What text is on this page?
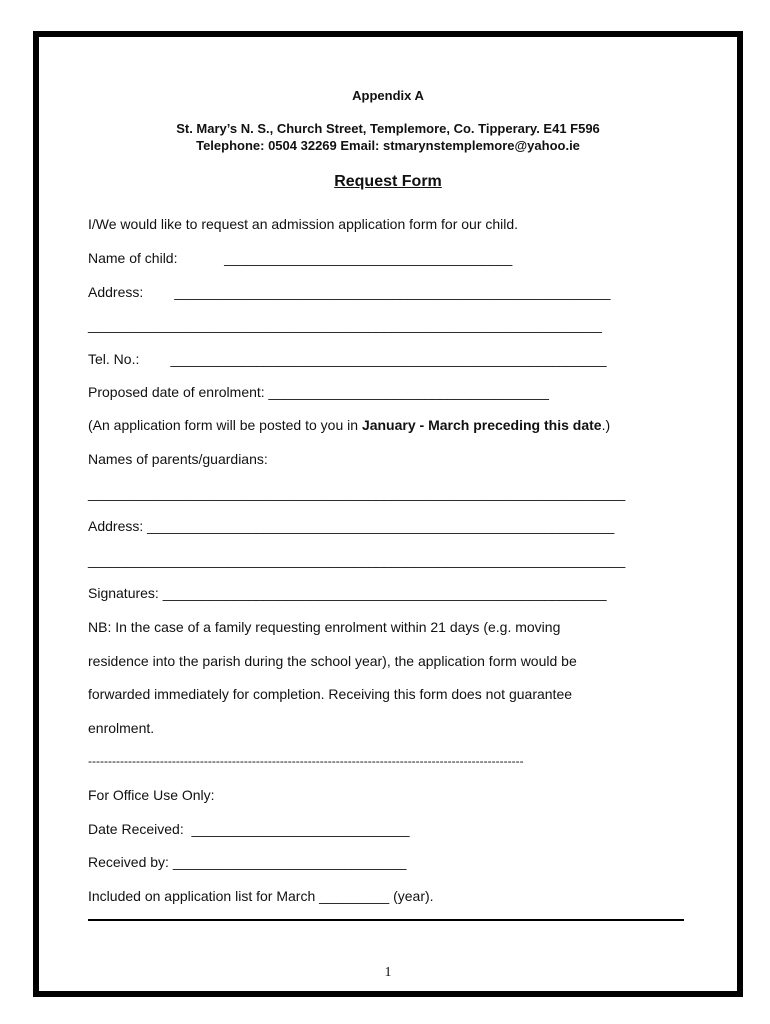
Appendix A
St. Mary’s N. S., Church Street, Templemore, Co. Tipperary. E41 F596
Telephone: 0504 32269 Email: stmarynstemplemore@yahoo.ie
Request Form
I/We would like to request an admission application form for our child.
Name of child:            _____________________________________
Address:        ________________________________________________________
__________________________________________________________________
Tel. No.:        ________________________________________________________
Proposed date of enrolment: ____________________________________
(An application form will be posted to you in January - March preceding this date.)
Names of parents/guardians:
_____________________________________________________________________
Address: ____________________________________________________________
_____________________________________________________________________
Signatures: _________________________________________________________
NB: In the case of a family requesting enrolment within 21 days (e.g. moving
residence into the parish during the school year), the application form would be
forwarded immediately for completion. Receiving this form does not guarantee
enrolment.
-------------------------------------------------------------------------------------------------------------
For Office Use Only:
Date Received:  ____________________________
Received by: ______________________________
Included on application list for March _________ (year).
1
